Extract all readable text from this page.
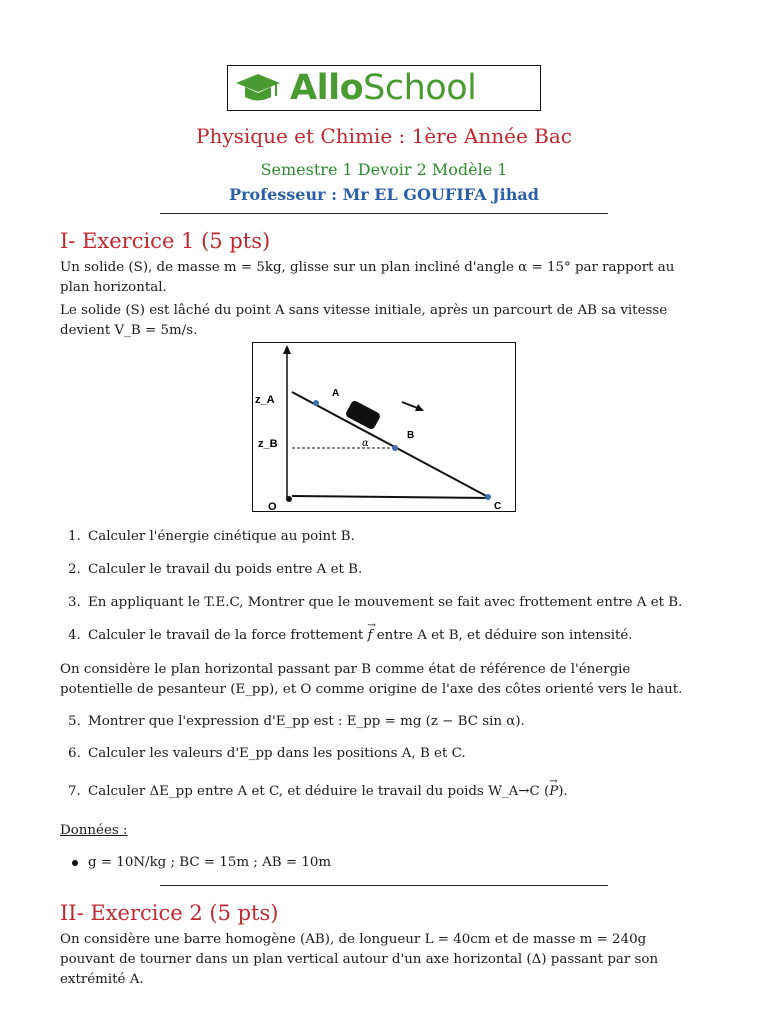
AlloSchool
Physique et Chimie : 1ère Année Bac
Semestre 1 Devoir 2 Modèle 1
Professeur : Mr EL GOUFIFA Jihad
I- Exercice 1 (5 pts)
Un solide (S), de masse m = 5kg, glisse sur un plan incliné d'angle α = 15° par rapport au plan horizontal.
Le solide (S) est lâché du point A sans vitesse initiale, après un parcourt de AB sa vitesse devient V_B = 5m/s.
z_A
z_B
O
A
B
C
α
1. Calculer l'énergie cinétique au point B.
2. Calculer le travail du poids entre A et B.
3. En appliquant le T.E.C, Montrer que le mouvement se fait avec frottement entre A et B.
4. Calculer le travail de la force frottement → f entre A et B, et déduire son intensité.
On considère le plan horizontal passant par B comme état de référence de l'énergie potentielle de pesanteur (E_pp), et O comme origine de l'axe des côtes orienté vers le haut.
5. Montrer que l'expression d'E_pp est : E_pp = mg (z − BC sin α).
6. Calculer les valeurs d'E_pp dans les positions A, B et C.
7. Calculer ΔE_pp entre A et C, et déduire le travail du poids W_A→C (→ P).
Données :
g = 10N/kg ; BC = 15m ; AB = 10m
II- Exercice 2 (5 pts)
On considère une barre homogène (AB), de longueur L = 40cm et de masse m = 240g pouvant de tourner dans un plan vertical autour d'un axe horizontal (Δ) passant par son extrémité A.
